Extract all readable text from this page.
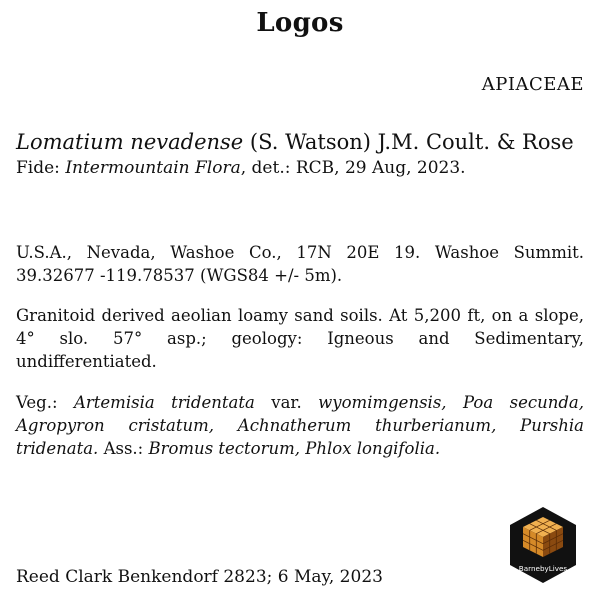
Logos
APIACEAE
Lomatium nevadense (S. Watson) J.M. Coult. & Rose
Fide: Intermountain Flora, det.: RCB, 29 Aug, 2023.
U.S.A., Nevada, Washoe Co., 17N 20E 19. Washoe Summit. 39.32677 -119.78537 (WGS84 +/- 5m).
Granitoid derived aeolian loamy sand soils. At 5,200 ft, on a slope, 4° slo. 57° asp.; geology: Igneous and Sedimentary, undifferentiated.
Veg.: Artemisia tridentata var. wyomimgensis, Poa secunda, Agropyron cristatum, Achnatherum thurberianum, Purshia tridenata. Ass.: Bromus tectorum, Phlox longifolia.
Reed Clark Benkendorf 2823; 6 May, 2023	BarnebyLives
